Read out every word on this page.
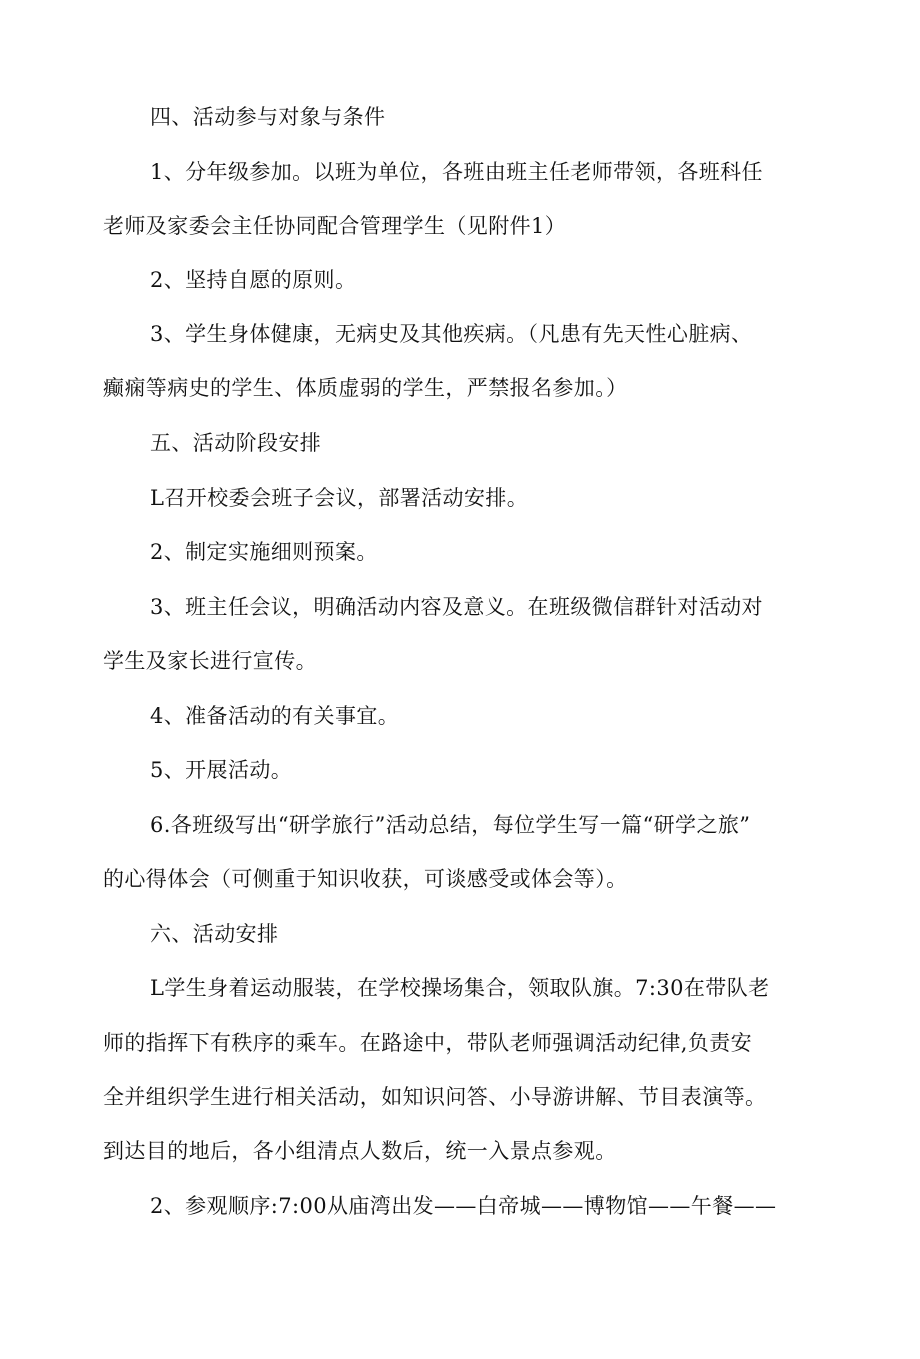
四、活动参与对象与条件
1、分年级参加。以班为单位，各班由班主任老师带领，各班科任
老师及家委会主任协同配合管理学生（见附件1）
2、坚持自愿的原则。
3、学生身体健康，无病史及其他疾病。（凡患有先天性心脏病、
癫痫等病史的学生、体质虚弱的学生，严禁报名参加。）
五、活动阶段安排
L召开校委会班子会议，部署活动安排。
2、制定实施细则预案。
3、班主任会议，明确活动内容及意义。在班级微信群针对活动对
学生及家长进行宣传。
4、准备活动的有关事宜。
5、开展活动。
6.各班级写出“研学旅行”活动总结，每位学生写一篇“研学之旅”
的心得体会（可侧重于知识收获，可谈感受或体会等）。
六、活动安排
L学生身着运动服装，在学校操场集合，领取队旗。7:30在带队老
师的指挥下有秩序的乘车。在路途中，带队老师强调活动纪律,负责安
全并组织学生进行相关活动，如知识问答、小导游讲解、节目表演等。
到达目的地后，各小组清点人数后，统一入景点参观。
2、参观顺序:7:00从庙湾出发——白帝城——博物馆——午餐——
